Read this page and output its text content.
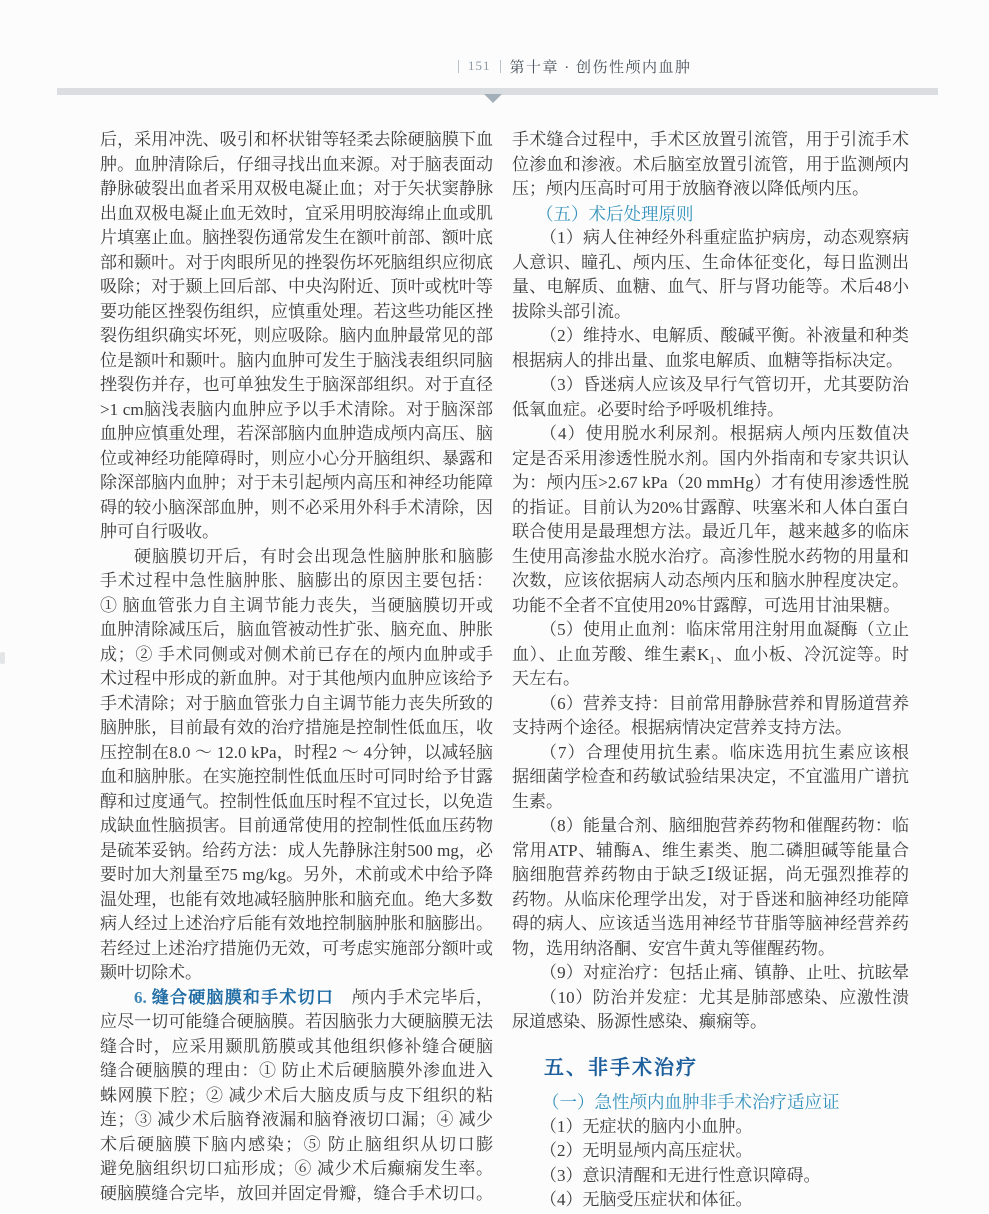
151 第十章 · 创伤性颅内血肿
后，采用冲洗、吸引和杯状钳等轻柔去除硬脑膜下血
肿。血肿清除后，仔细寻找出血来源。对于脑表面动
静脉破裂出血者采用双极电凝止血；对于矢状窦静脉
出血双极电凝止血无效时，宜采用明胶海绵止血或肌
片填塞止血。脑挫裂伤通常发生在额叶前部、额叶底
部和颞叶。对于肉眼所见的挫裂伤坏死脑组织应彻底
吸除；对于颞上回后部、中央沟附近、顶叶或枕叶等
要功能区挫裂伤组织，应慎重处理。若这些功能区挫
裂伤组织确实坏死，则应吸除。脑内血肿最常见的部
位是额叶和颞叶。脑内血肿可发生于脑浅表组织同脑
挫裂伤并存，也可单独发生于脑深部组织。对于直径
>1 cm脑浅表脑内血肿应予以手术清除。对于脑深部
血肿应慎重处理，若深部脑内血肿造成颅内高压、脑
位或神经功能障碍时，则应小心分开脑组织、暴露和
除深部脑内血肿；对于未引起颅内高压和神经功能障
碍的较小脑深部血肿，则不必采用外科手术清除，因
肿可自行吸收。
硬脑膜切开后，有时会出现急性脑肿胀和脑膨
手术过程中急性脑肿胀、脑膨出的原因主要包括：
① 脑血管张力自主调节能力丧失，当硬脑膜切开或
血肿清除减压后，脑血管被动性扩张、脑充血、肿胀
成；② 手术同侧或对侧术前已存在的颅内血肿或手
术过程中形成的新血肿。对于其他颅内血肿应该给予
手术清除；对于脑血管张力自主调节能力丧失所致的
脑肿胀，目前最有效的治疗措施是控制性低血压，收
压控制在8.0 ～ 12.0 kPa，时程2 ～ 4分钟，以减轻脑
血和脑肿胀。在实施控制性低血压时可同时给予甘露
醇和过度通气。控制性低血压时程不宜过长，以免造
成缺血性脑损害。目前通常使用的控制性低血压药物
是硫苯妥钠。给药方法：成人先静脉注射500 mg，必
要时加大剂量至75 mg/kg。另外，术前或术中给予降
温处理，也能有效地减轻脑肿胀和脑充血。绝大多数
病人经过上述治疗后能有效地控制脑肿胀和脑膨出。
若经过上述治疗措施仍无效，可考虑实施部分额叶或
颞叶切除术。
6. 缝合硬脑膜和手术切口　颅内手术完毕后，
应尽一切可能缝合硬脑膜。若因脑张力大硬脑膜无法
缝合时，应采用颞肌筋膜或其他组织修补缝合硬脑
缝合硬脑膜的理由：① 防止术后硬脑膜外渗血进入
蛛网膜下腔；② 减少术后大脑皮质与皮下组织的粘
连；③ 减少术后脑脊液漏和脑脊液切口漏；④ 减少
术后硬脑膜下脑内感染；⑤ 防止脑组织从切口膨
避免脑组织切口疝形成；⑥ 减少术后癫痫发生率。
硬脑膜缝合完毕，放回并固定骨瓣，缝合手术切口。
手术缝合过程中，手术区放置引流管，用于引流手术
位渗血和渗液。术后脑室放置引流管，用于监测颅内
压；颅内压高时可用于放脑脊液以降低颅内压。
（五）术后处理原则
（1）病人住神经外科重症监护病房，动态观察病
人意识、瞳孔、颅内压、生命体征变化，每日监测出
量、电解质、血糖、血气、肝与肾功能等。术后48小
拔除头部引流。
（2）维持水、电解质、酸碱平衡。补液量和种类
根据病人的排出量、血浆电解质、血糖等指标决定。
（3）昏迷病人应该及早行气管切开，尤其要防治
低氧血症。必要时给予呼吸机维持。
（4）使用脱水利尿剂。根据病人颅内压数值决
定是否采用渗透性脱水剂。国内外指南和专家共识认
为：颅内压>2.67 kPa（20 mmHg）才有使用渗透性脱
的指证。目前认为20%甘露醇、呋塞米和人体白蛋白
联合使用是最理想方法。最近几年，越来越多的临床
生使用高渗盐水脱水治疗。高渗性脱水药物的用量和
次数，应该依据病人动态颅内压和脑水肿程度决定。
功能不全者不宜使用20%甘露醇，可选用甘油果糖。
（5）使用止血剂：临床常用注射用血凝酶（立止
血）、止血芳酸、维生素K₁、血小板、冷沉淀等。时
天左右。
（6）营养支持：目前常用静脉营养和胃肠道营养
支持两个途径。根据病情决定营养支持方法。
（7）合理使用抗生素。临床选用抗生素应该根
据细菌学检查和药敏试验结果决定，不宜滥用广谱抗
生素。
（8）能量合剂、脑细胞营养药物和催醒药物：临
常用ATP、辅酶A、维生素类、胞二磷胆碱等能量合
脑细胞营养药物由于缺乏Ⅰ级证据，尚无强烈推荐的
药物。从临床伦理学出发，对于昏迷和脑神经功能障
碍的病人、应该适当选用神经节苷脂等脑神经营养药
物，选用纳洛酮、安宫牛黄丸等催醒药物。
（9）对症治疗：包括止痛、镇静、止吐、抗眩晕
（10）防治并发症：尤其是肺部感染、应激性溃
尿道感染、肠源性感染、癫痫等。
五、非手术治疗
（一）急性颅内血肿非手术治疗适应证
（1）无症状的脑内小血肿。
（2）无明显颅内高压症状。
（3）意识清醒和无进行性意识障碍。
（4）无脑受压症状和体征。
